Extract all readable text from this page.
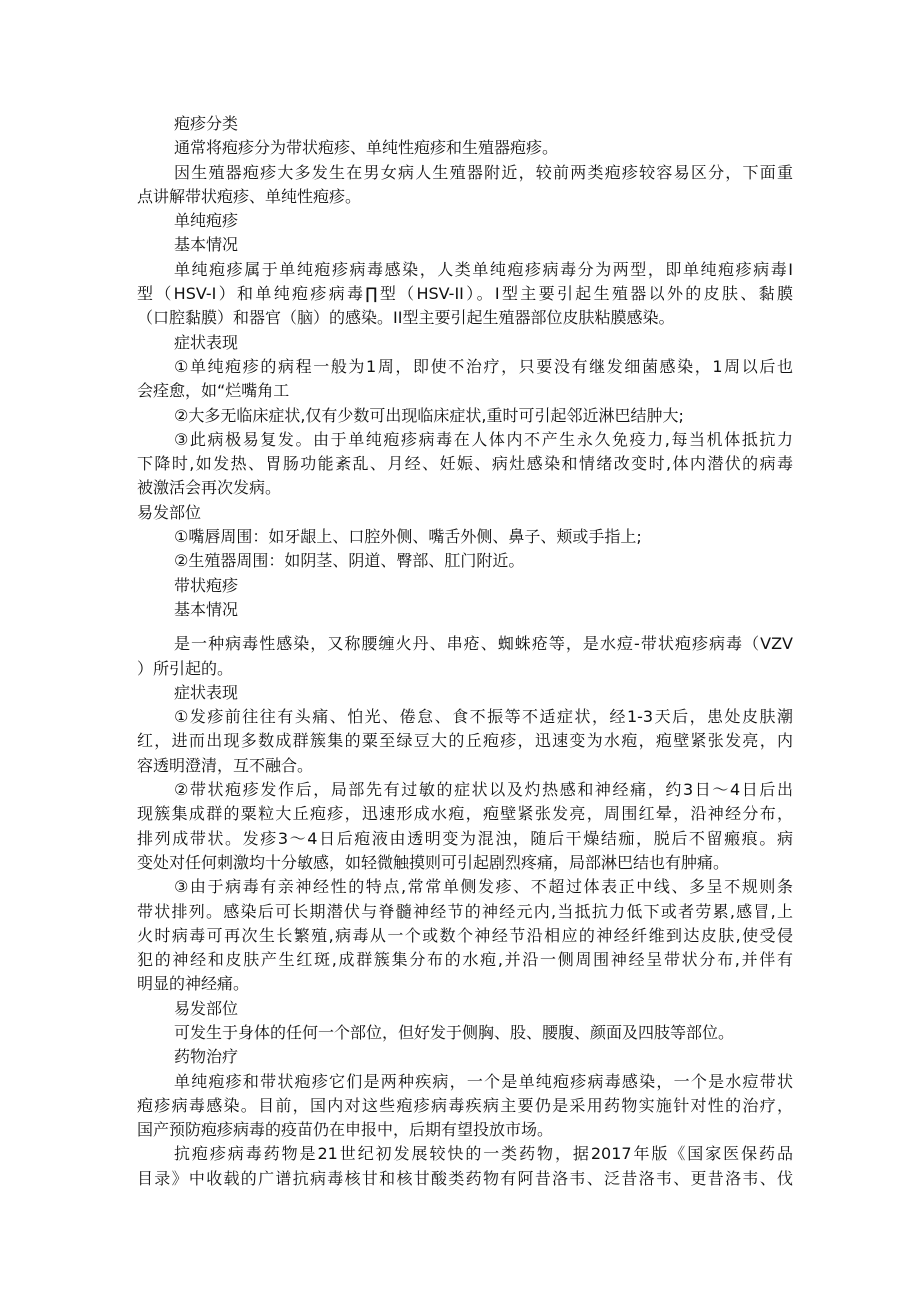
疱疹分类
通常将疱疹分为带状疱疹、单纯性疱疹和生殖器疱疹。
因生殖器疱疹大多发生在男女病人生殖器附近，较前两类疱疹较容易区分，下面重
点讲解带状疱疹、单纯性疱疹。
单纯疱疹
基本情况
单纯疱疹属于单纯疱疹病毒感染，人类单纯疱疹病毒分为两型，即单纯疱疹病毒I
型（HSV-I）和单纯疱疹病毒∏型（HSV-II）。I型主要引起生殖器以外的皮肤、黏膜
（口腔黏膜）和器官（脑）的感染。II型主要引起生殖器部位皮肤粘膜感染。
症状表现
①单纯疱疹的病程一般为1周，即使不治疗，只要没有继发细菌感染，1周以后也
会痊愈，如“烂嘴角工
②大多无临床症状,仅有少数可出现临床症状,重时可引起邻近淋巴结肿大;
③此病极易复发。由于单纯疱疹病毒在人体内不产生永久免疫力,每当机体抵抗力
下降时,如发热、胃肠功能紊乱、月经、妊娠、病灶感染和情绪改变时,体内潜伏的病毒
被激活会再次发病。
易发部位
①嘴唇周围：如牙龈上、口腔外侧、嘴舌外侧、鼻子、颊或手指上;
②生殖器周围：如阴茎、阴道、臀部、肛门附近。
带状疱疹
基本情况
是一种病毒性感染，又称腰缠火丹、串疮、蜘蛛疮等，是水痘-带状疱疹病毒（VZV
）所引起的。
症状表现
①发疹前往往有头痛、怕光、倦怠、食不振等不适症状，经1-3天后，患处皮肤潮
红，进而出现多数成群簇集的粟至绿豆大的丘疱疹，迅速变为水疱，疱壁紧张发亮，内
容透明澄清，互不融合。
②带状疱疹发作后，局部先有过敏的症状以及灼热感和神经痛，约3日～4日后出
现簇集成群的粟粒大丘疱疹，迅速形成水疱，疱壁紧张发亮，周围红晕，沿神经分布，
排列成带状。发疹3～4日后疱液由透明变为混浊，随后干燥结痂，脱后不留瘢痕。病
变处对任何刺激均十分敏感，如轻微触摸则可引起剧烈疼痛，局部淋巴结也有肿痛。
③由于病毒有亲神经性的特点,常常单侧发疹、不超过体表正中线、多呈不规则条
带状排列。感染后可长期潜伏与脊髓神经节的神经元内,当抵抗力低下或者劳累,感冒,上
火时病毒可再次生长繁殖,病毒从一个或数个神经节沿相应的神经纤维到达皮肤,使受侵
犯的神经和皮肤产生红斑,成群簇集分布的水疱,并沿一侧周围神经呈带状分布,并伴有
明显的神经痛。
易发部位
可发生于身体的任何一个部位，但好发于侧胸、股、腰腹、颜面及四肢等部位。
药物治疗
单纯疱疹和带状疱疹它们是两种疾病，一个是单纯疱疹病毒感染，一个是水痘带状
疱疹病毒感染。目前，国内对这些疱疹病毒疾病主要仍是采用药物实施针对性的治疗，
国产预防疱疹病毒的疫苗仍在申报中，后期有望投放市场。
抗疱疹病毒药物是21世纪初发展较快的一类药物，据2017年版《国家医保药品
目录》中收载的广谱抗病毒核甘和核甘酸类药物有阿昔洛韦、泛昔洛韦、更昔洛韦、伐
